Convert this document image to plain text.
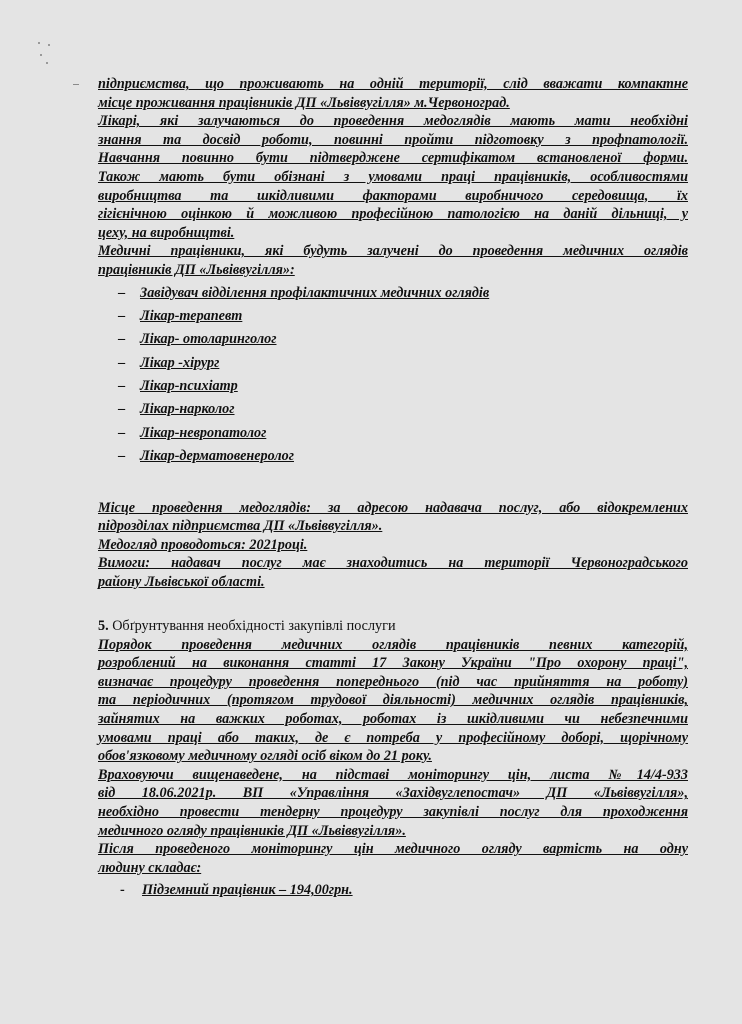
підприємства, що проживають на одній території, слід вважати компактне
місце проживання працівників ДП «Львіввугілля» м.Червоноград.
Лікарі, які залучаються до проведення медоглядів мають мати необхідні
знання та досвід роботи, повинні пройти підготовку з профпатології.
Навчання повинно бути підтверджене сертифікатом встановленої форми.
Також мають бути обізнані з умовами праці працівників, особливостями
виробництва та шкідливими факторами виробничого середовища, їх
гігієнічною оцінкою й можливою професійною патологією на даній дільниці, у
цеху, на виробництві.
Медичні працівники, які будуть залучені до проведення медичних оглядів
працівників ДП «Львіввугілля»:
–	Завідувач відділення профілактичних медичних оглядів
–	Лікар-терапевт
–	Лікар- отоларинголог
–	Лікар -хірург
–	Лікар-психіатр
–	Лікар-нарколог
–	Лікар-невропатолог
–	Лікар-дерматовенеролог
Місце проведення медоглядів: за адресою надавача послуг, або відокремлених
підрозділах підприємства ДП «Львіввугілля».
Медогляд проводоться: 2021році.
Вимоги: надавач послуг має знаходитись на території Червоноградського
району Львівської області.
5. Обґрунтування необхідності закупівлі послуги
Порядок проведення медичних оглядів працівників певних категорій,
розроблений на виконання статті 17 Закону України "Про охорону праці",
визначає процедуру проведення попереднього (під час прийняття на роботу)
та періодичних (протягом трудової діяльності) медичних оглядів працівників,
зайнятих на важких роботах, роботах із шкідливими чи небезпечними
умовами праці або таких, де є потреба у професійному доборі, щорічному
обов'язковому медичному огляді осіб віком до 21 року.
Враховуючи вищенаведене, на підставі моніторингу цін, листа №14/4-933
від 18.06.2021р. ВП «Управління «Західвуглепостач» ДП «Львіввугілля»,
необхідно провести тендерну процедуру закупівлі послуг для проходження
медичного огляду працівників ДП «Львіввугілля».
Після проведеного моніторингу цін медичного огляду вартість на одну
людину складає:
-	Підземний працівник – 194,00грн.
